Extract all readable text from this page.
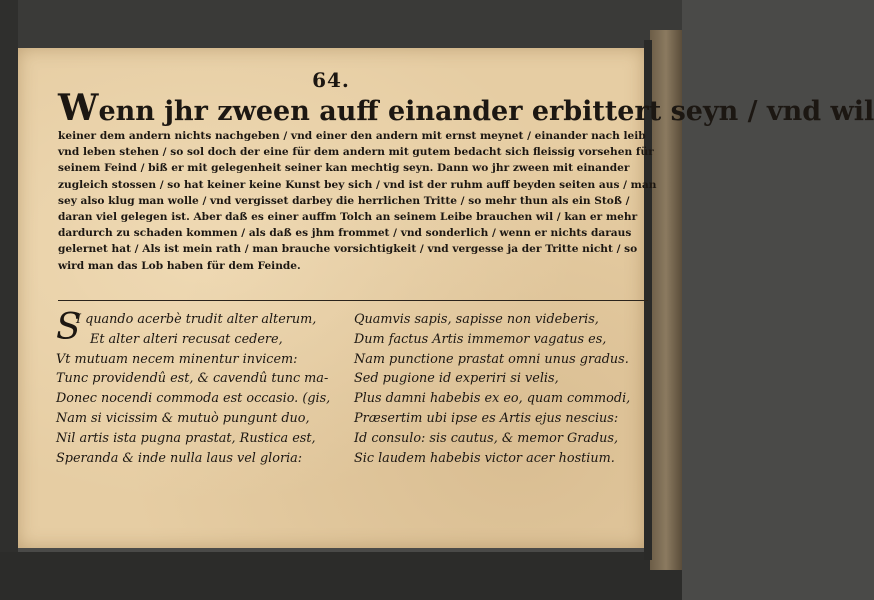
64.
Wenn jhr zween auff einander erbittert seyn / vnd wil
keiner dem andern nichts nachgeben / vnd einer den andern mit ernst meynet / einander nach leib
vnd leben stehen / so sol doch der eine für dem andern mit gutem bedacht sich fleissig vorsehen für
seinem Feind / biß er mit gelegenheit seiner kan mechtig seyn. Dann wo jhr zween mit einander
zugleich stossen / so hat keiner keine Kunst bey sich / vnd ist der ruhm auff beyden seiten aus / man
sey also klug man wolle / vnd vergisset darbey die herrlichen Tritte / so mehr thun als ein Stoß /
daran viel gelegen ist. Aber daß es einer auffm Tolch an seinem Leibe brauchen wil / kan er mehr
dardurch zu schaden kommen / als daß es jhm frommet / vnd sonderlich / wenn er nichts daraus
gelernet hat / Als ist mein rath / man brauche vorsichtigkeit / vnd vergesse ja der Tritte nicht / so
wird man das Lob haben für dem Feinde.
S
I quando acerbè trudit alter alterum,
Et alter alteri recusat cedere,
Vt mutuam necem minentur invicem:
Tunc providendû est, & cavendû tunc ma-
Donec nocendi commoda est occasio. (gis,
Nam si vicissim & mutuò pungunt duo,
Nil artis ista pugna prastat, Rustica est,
Speranda & inde nulla laus vel gloria:
Quamvis sapis, sapisse non videberis,
Dum factus Artis immemor vagatus es,
Nam punctione prastat omni unus gradus.
Sed pugione id experiri si velis,
Plus damni habebis ex eo, quam commodi,
Præsertim ubi ipse es Artis ejus nescius:
Id consulo: sis cautus, & memor Gradus,
Sic laudem habebis victor acer hostium.
